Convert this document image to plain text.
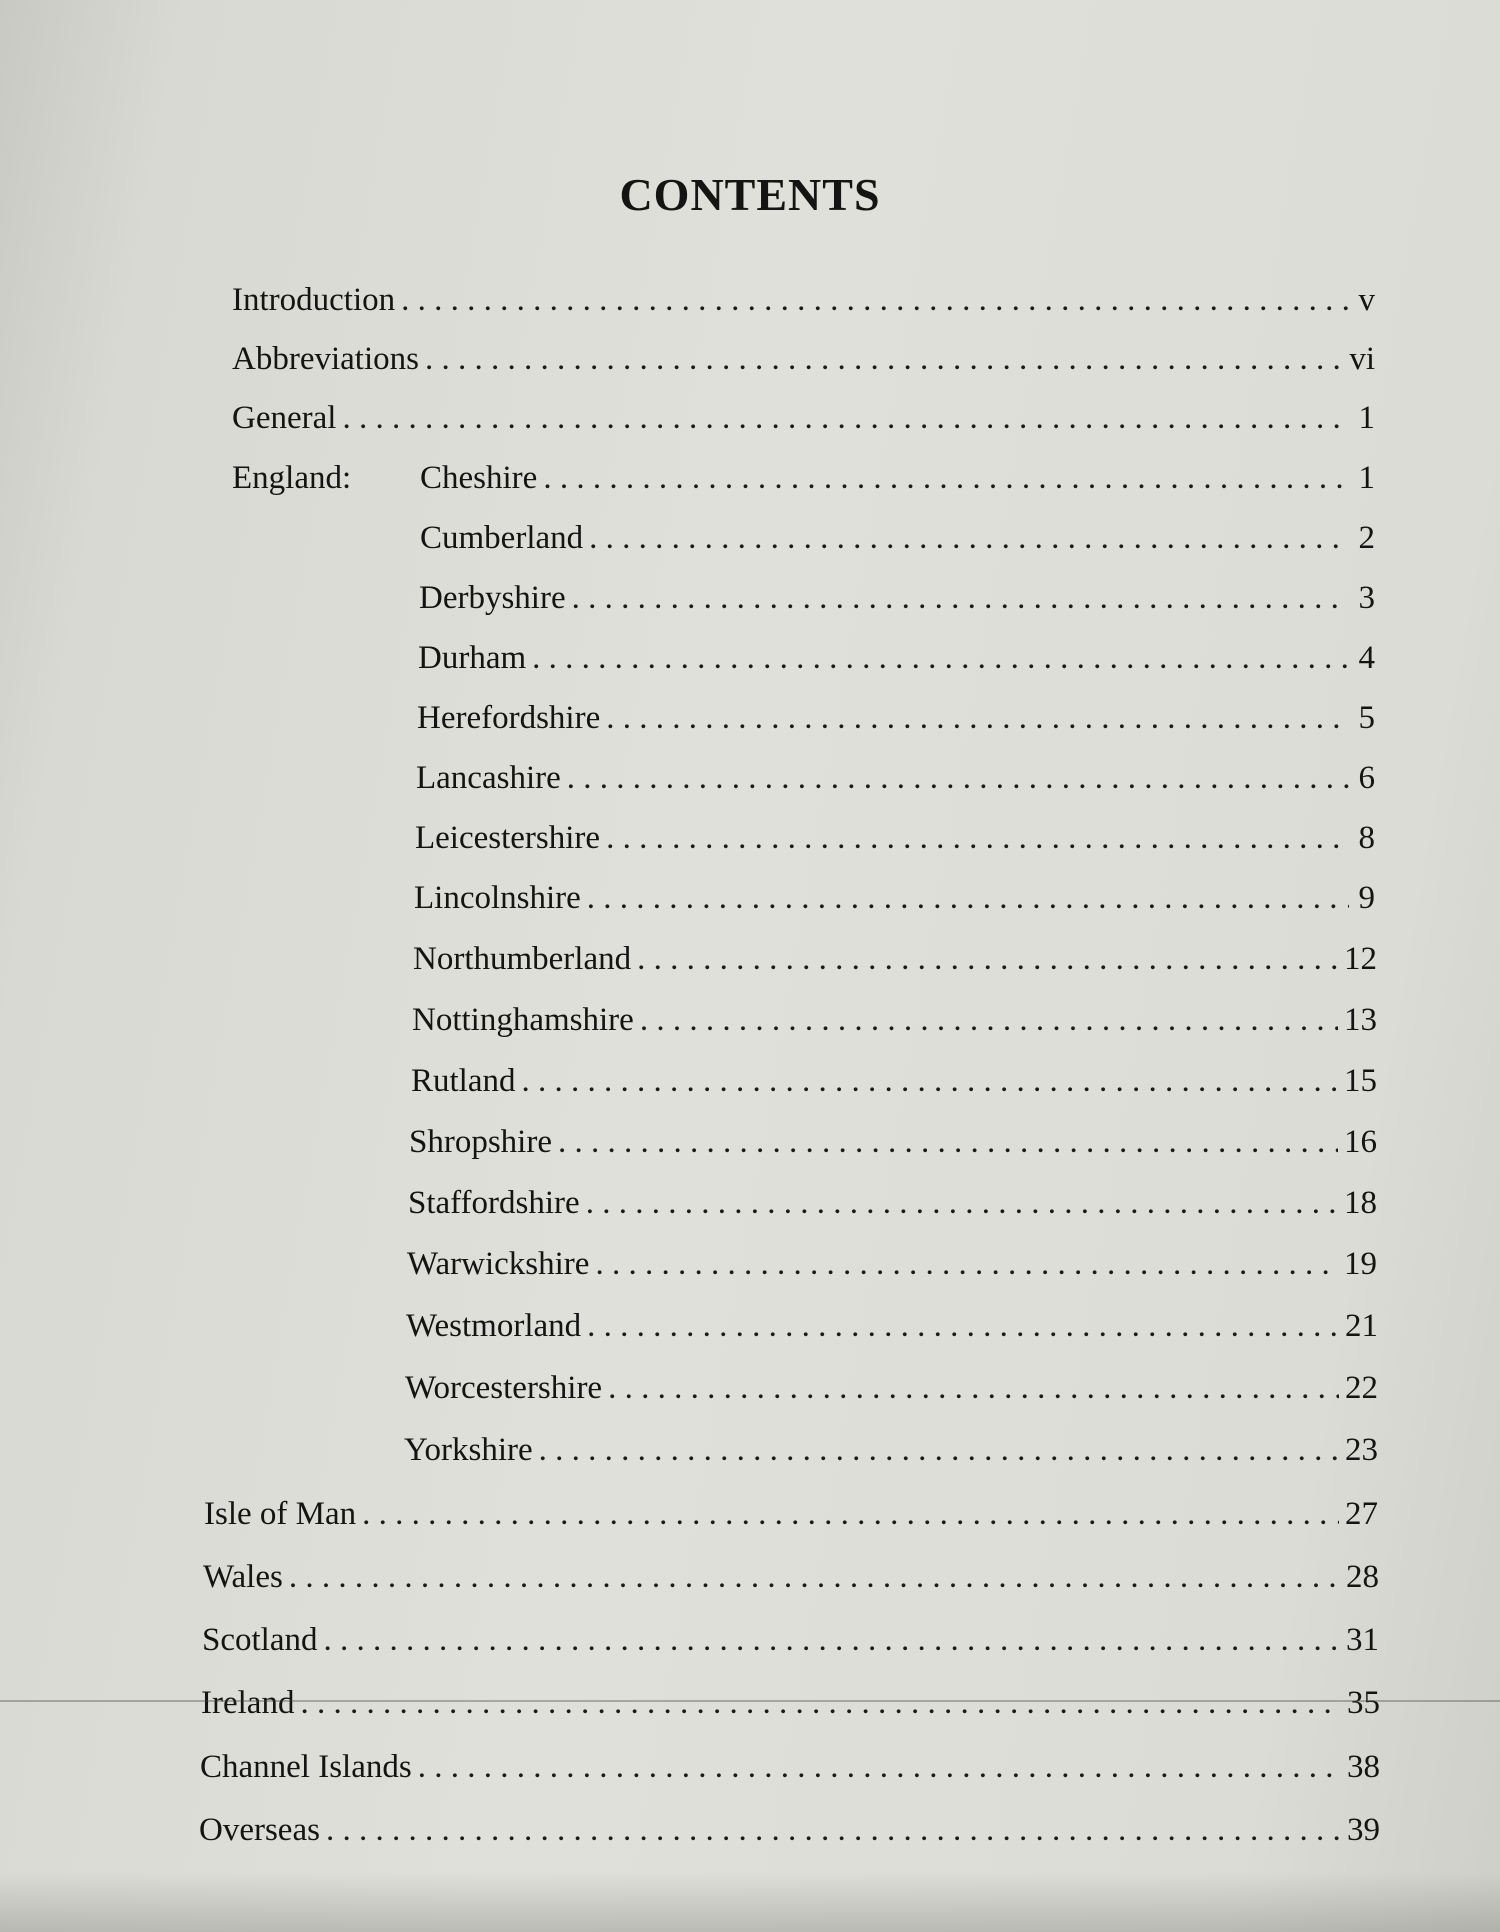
CONTENTS
Introduction . . .	v
Abbreviations . . .	vi
General . . .	1
England:	Cheshire . . .	1
Cumberland . . .	2
Derbyshire . . .	3
Durham . . .	4
Herefordshire . . .	5
Lancashire . . .	6
Leicestershire . . .	8
Lincolnshire . . .	9
Northumberland . . .	12
Nottinghamshire . . .	13
Rutland . . .	15
Shropshire . . .	16
Staffordshire . . .	18
Warwickshire . . .	19
Westmorland . . .	21
Worcestershire . . .	22
Yorkshire . . .	23
Isle of Man . . .	27
Wales . . .	28
Scotland . . .	31
Ireland . . .	35
Channel Islands . . .	38
Overseas . . .	39
